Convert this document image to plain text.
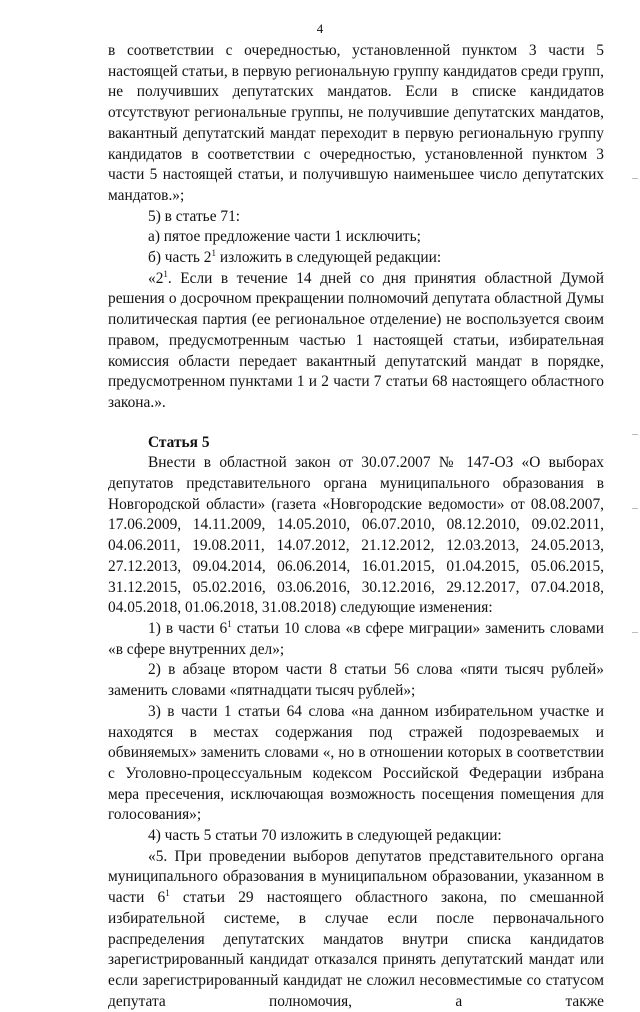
4

в соответствии с очередностью, установленной пунктом 3 части 5 настоящей статьи, в первую региональную группу кандидатов среди групп, не получивших депутатских мандатов. Если в списке кандидатов отсутствуют региональные группы, не получившие депутатских мандатов, вакантный депутатский мандат переходит в первую региональную группу кандидатов в соответствии с очередностью, установленной пунктом 3 части 5 настоящей статьи, и получившую наименьшее число депутатских мандатов.»;

5) в статье 71:

а) пятое предложение части 1 исключить;

б) часть $2^1$ изложить в следующей редакции:

«$2^1$. Если в течение 14 дней со дня принятия областной Думой решения о досрочном прекращении полномочий депутата областной Думы политическая партия (ее региональное отделение) не воспользуется своим правом, предусмотренным частью 1 настоящей статьи, избирательная комиссия области передает вакантный депутатский мандат в порядке, предусмотренном пунктами 1 и 2 части 7 статьи 68 настоящего областного закона.».

Статья 5

Внести в областной закон от 30.07.2007 № 147-ОЗ «О выборах депутатов представительного органа муниципального образования в Новгородской области» (газета «Новгородские ведомости» от 08.08.2007, 17.06.2009, 14.11.2009, 14.05.2010, 06.07.2010, 08.12.2010, 09.02.2011, 04.06.2011, 19.08.2011, 14.07.2012, 21.12.2012, 12.03.2013, 24.05.2013, 27.12.2013, 09.04.2014, 06.06.2014, 16.01.2015, 01.04.2015, 05.06.2015, 31.12.2015, 05.02.2016, 03.06.2016, 30.12.2016, 29.12.2017, 07.04.2018, 04.05.2018, 01.06.2018, 31.08.2018) следующие изменения:

1) в части $6^1$ статьи 10 слова «в сфере миграции» заменить словами «в сфере внутренних дел»;

2) в абзаце втором части 8 статьи 56 слова «пяти тысяч рублей» заменить словами «пятнадцати тысяч рублей»;

3) в части 1 статьи 64 слова «на данном избирательном участке и находятся в местах содержания под стражей подозреваемых и обвиняемых» заменить словами «, но в отношении которых в соответствии с Уголовно-процессуальным кодексом Российской Федерации избрана мера пресечения, исключающая возможность посещения помещения для голосования»;

4) часть 5 статьи 70 изложить в следующей редакции:

«5. При проведении выборов депутатов представительного органа муниципального образования в муниципальном образовании, указанном в части $6^1$ статьи 29 настоящего областного закона, по смешанной избирательной системе, в случае если после первоначального распределения депутатских мандатов внутри списка кандидатов зарегистрированный кандидат отказался принять депутатский мандат или если зарегистрированный кандидат не сложил несовместимые со статусом депутата полномочия, а также
